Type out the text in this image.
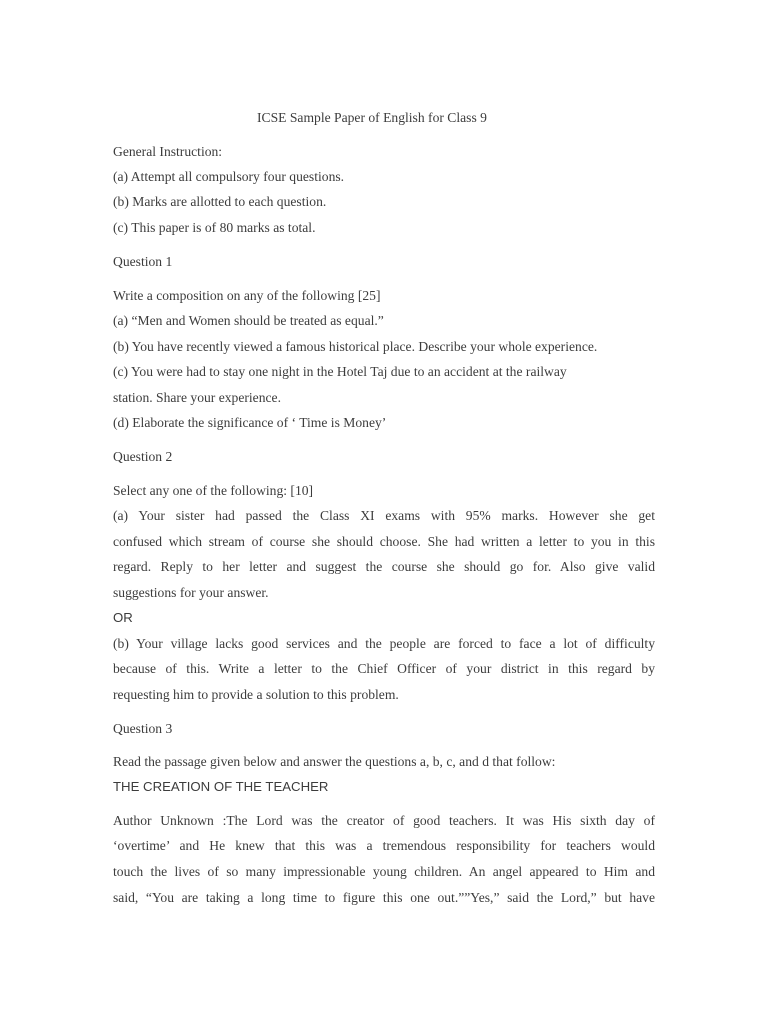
ICSE Sample Paper of English for Class 9
General Instruction:
(a) Attempt all compulsory four questions.
(b) Marks are allotted to each question.
(c) This paper is of 80 marks as total.
Question 1
Write a composition on any of the following [25]
(a) “Men and Women should be treated as equal.”
(b) You have recently viewed a famous historical place. Describe your whole experience.
(c) You were had to stay one night in the Hotel Taj due to an accident at the railway
station. Share your experience.
(d) Elaborate the significance of ‘ Time is Money’
Question 2
Select any one of the following: [10]
(a) Your sister had passed the Class XI exams with 95% marks. However she get
confused which stream of course she should choose. She had written a letter to you in this
regard. Reply to her letter and suggest the course she should go for. Also give valid
suggestions for your answer.
OR
(b) Your village lacks good services and the people are forced to face a lot of difficulty
because of this. Write a letter to the Chief Officer of your district in this regard by
requesting him to provide a solution to this problem.
Question 3
Read the passage given below and answer the questions a, b, c, and d that follow:
THE CREATION OF THE TEACHER
Author Unknown :The Lord was the creator of good teachers. It was His sixth day of
‘overtime’ and He knew that this was a tremendous responsibility for teachers would
touch the lives of so many impressionable young children. An angel appeared to Him and
said, “You are taking a long time to figure this one out.””Yes,” said the Lord,” but have
